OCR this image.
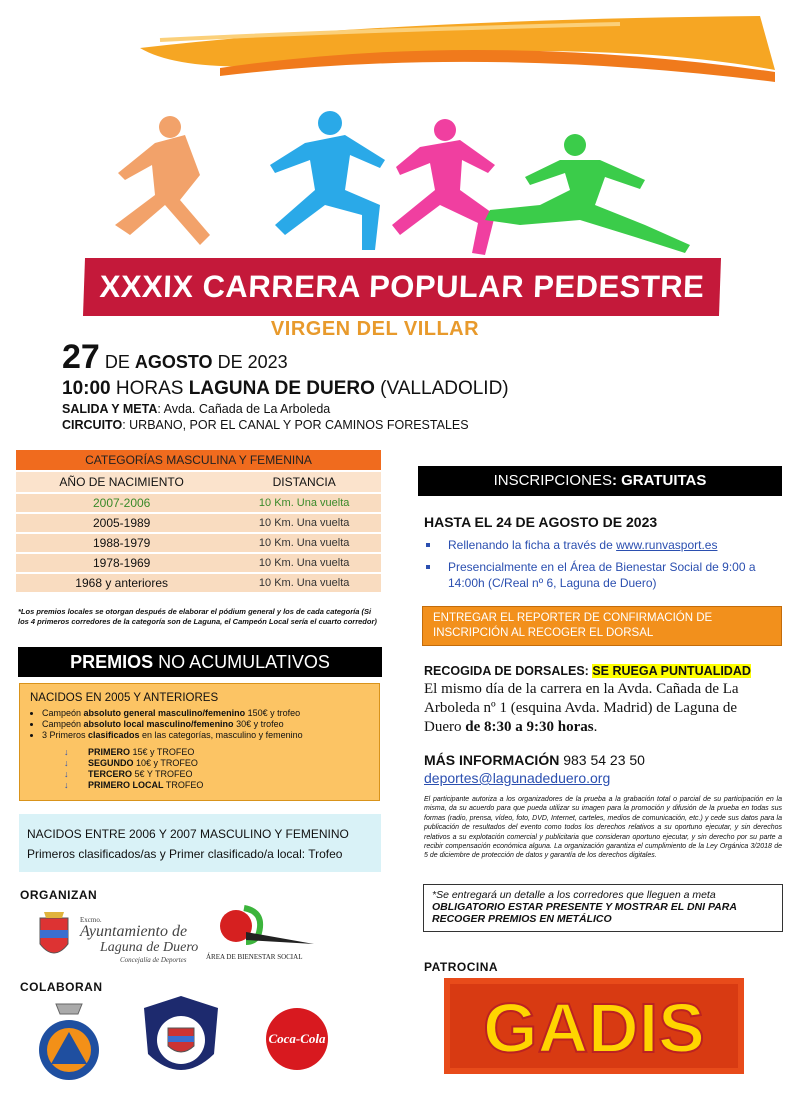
XXXIX CARRERA POPULAR PEDESTRE
VIRGEN DEL VILLAR
27 DE AGOSTO DE 2023
10:00 HORAS LAGUNA DE DUERO (VALLADOLID)
SALIDA Y META: Avda. Cañada de La Arboleda
CIRCUITO: URBANO, POR EL CANAL Y POR CAMINOS FORESTALES
CATEGORÍAS MASCULINA Y FEMENINA
AÑO DE NACIMIENTO	DISTANCIA
2007-2006	10 Km. Una vuelta
2005-1989	10 Km. Una vuelta
1988-1979	10 Km. Una vuelta
1978-1969	10 Km. Una vuelta
1968 y anteriores	10 Km. Una vuelta
*Los premios locales se otorgan después de elaborar el pódium general y los de cada categoría (Si los 4 primeros corredores de la categoría son de Laguna, el Campeón Local sería el cuarto corredor)
PREMIOS NO ACUMULATIVOS
NACIDOS EN 2005 Y ANTERIORES
• Campeón absoluto general masculino/femenino 150€ y trofeo
• Campeón absoluto local masculino/femenino 30€ y trofeo
• 3 Primeros clasificados en las categorías, masculino y femenino
↓ PRIMERO 15€ y TROFEO
↓ SEGUNDO 10€ y TROFEO
↓ TERCERO 5€ Y TROFEO
↓ PRIMERO LOCAL TROFEO
NACIDOS ENTRE 2006 Y 2007 MASCULINO Y FEMENINO
Primeros clasificados/as y Primer clasificado/a local: Trofeo
ORGANIZAN
Excmo.
Ayuntamiento de
Laguna de Duero
Concejalía de Deportes	ÁREA DE BIENESTAR SOCIAL
COLABORAN
Coca-Cola
INSCRIPCIONES: GRATUITAS
HASTA EL 24 DE AGOSTO DE 2023
Rellenando la ficha a través de www.runvasport.es
Presencialmente en el Área de Bienestar Social de 9:00 a 14:00h (C/Real nº 6, Laguna de Duero)
ENTREGAR EL REPORTER DE CONFIRMACIÓN DE INSCRIPCIÓN AL RECOGER EL DORSAL
RECOGIDA DE DORSALES: SE RUEGA PUNTUALIDAD
El mismo día de la carrera en la Avda. Cañada de La Arboleda nº 1 (esquina Avda. Madrid) de Laguna de Duero de 8:30 a 9:30 horas.
MÁS INFORMACIÓN 983 54 23 50
deportes@lagunadeduero.org
El participante autoriza a los organizadores de la prueba a la grabación total o parcial de su participación en la misma, da su acuerdo para que pueda utilizar su imagen para la promoción y difusión de la prueba en todas sus formas (radio, prensa, vídeo, foto, DVD, Internet, carteles, medios de comunicación, etc.) y cede sus datos para la publicación de resultados del evento como todos los derechos relativos a su oportuno ejecutar, y sin derechos relativos a su explotación comercial y publicitaria que consideran oportuno ejecutar, y sin derecho por su parte a recibir compensación económica alguna. La organización garantiza el cumplimiento de la Ley Orgánica 3/2018 de 5 de diciembre de protección de datos y garantía de los derechos digitales.
*Se entregará un detalle a los corredores que lleguen a meta
OBLIGATORIO ESTAR PRESENTE Y MOSTRAR EL DNI PARA RECOGER PREMIOS EN METÁLICO
PATROCINA
GADIS
